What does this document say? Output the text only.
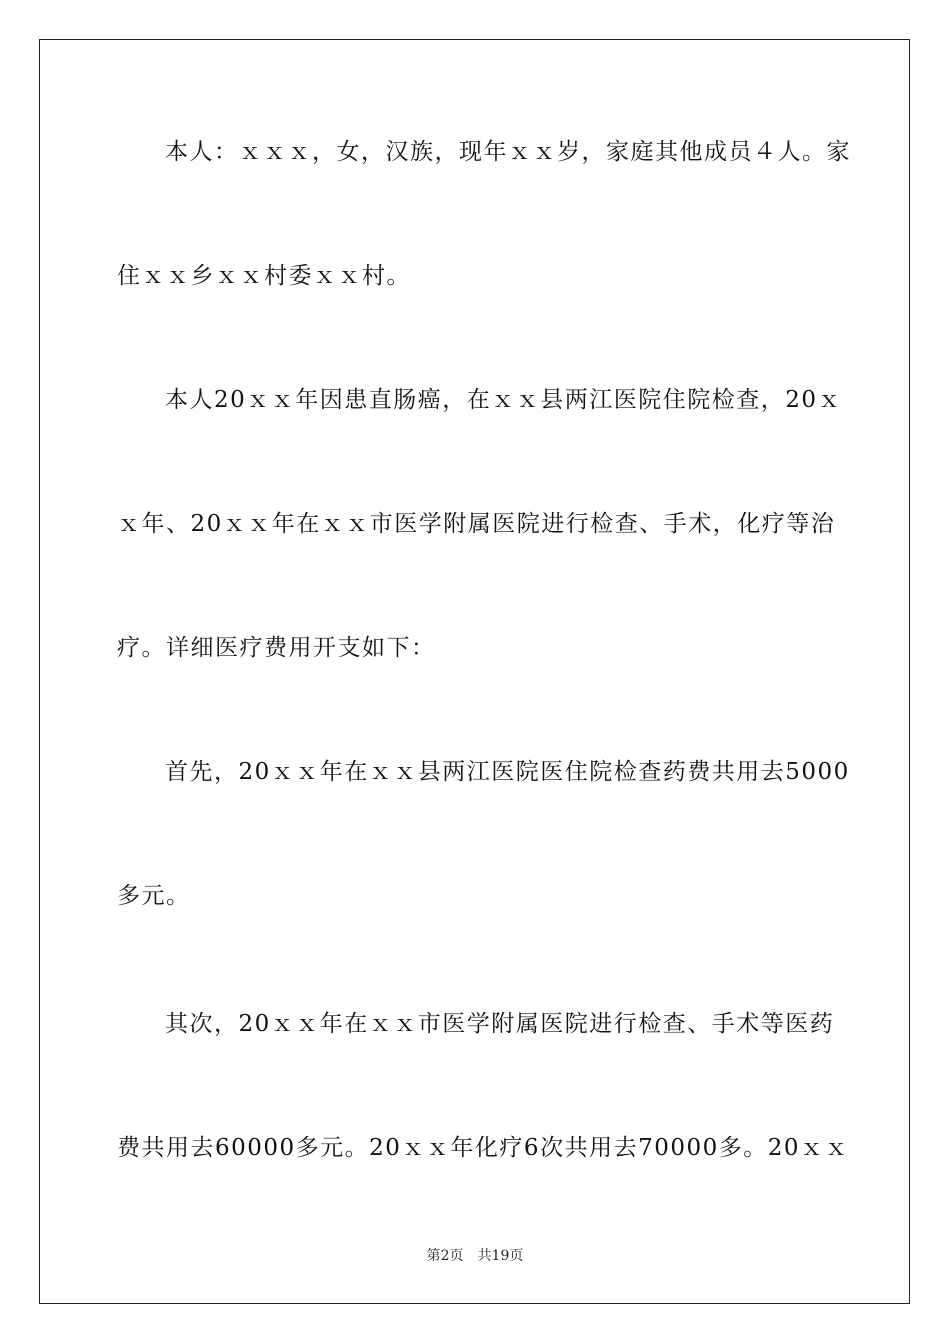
本人：ｘｘｘ，女，汉族，现年ｘｘ岁，家庭其他成员４人。家
住ｘｘ乡ｘｘ村委ｘｘ村。
本人20ｘｘ年因患直肠癌，在ｘｘ县两江医院住院检查，20ｘ
ｘ年、20ｘｘ年在ｘｘ市医学附属医院进行检查、手术，化疗等治
疗。详细医疗费用开支如下：
首先，20ｘｘ年在ｘｘ县两江医院医住院检查药费共用去5000
多元。
其次，20ｘｘ年在ｘｘ市医学附属医院进行检查、手术等医药
费共用去60000多元。20ｘｘ年化疗6次共用去70000多。20ｘｘ
第2页 共19页
